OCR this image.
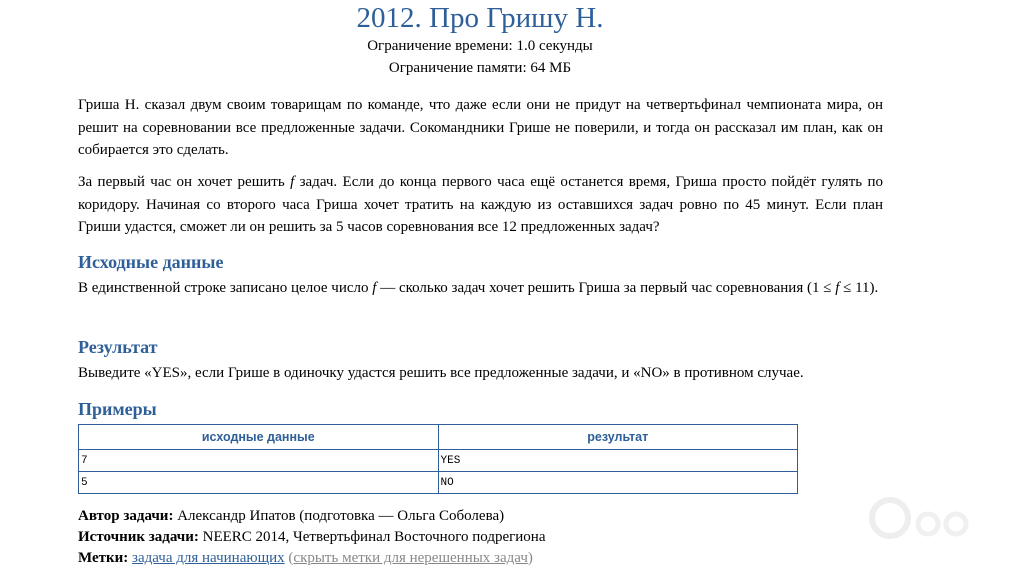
2012. Про Гришу Н.
Ограничение времени: 1.0 секунды
Ограничение памяти: 64 МБ

Гриша Н. сказал двум своим товарищам по команде, что даже если они не придут на четвертьфинал чемпионата мира, он решит на соревновании все предложенные задачи. Сокомандники Грише не поверили, и тогда он рассказал им план, как он собирается это сделать.

За первый час он хочет решить f задач. Если до конца первого часа ещё останется время, Гриша просто пойдёт гулять по коридору. Начиная со второго часа Гриша хочет тратить на каждую из оставшихся задач ровно по 45 минут. Если план Гриши удастся, сможет ли он решить за 5 часов соревнования все 12 предложенных задач?

Исходные данные

В единственной строке записано целое число f — сколько задач хочет решить Гриша за первый час соревнования (1 ≤ f ≤ 11).

Результат

Выведите «YES», если Грише в одиночку удастся решить все предложенные задачи, и «NO» в противном случае.

Примеры
исходные данные	результат
7	YES
5	NO

Автор задачи: Александр Ипатов (подготовка — Ольга Соболева)

Источник задачи: NEERC 2014, Четвертьфинал Восточного подрегиона

Метки: задача для начинающих (скрыть метки для нерешенных задач)
